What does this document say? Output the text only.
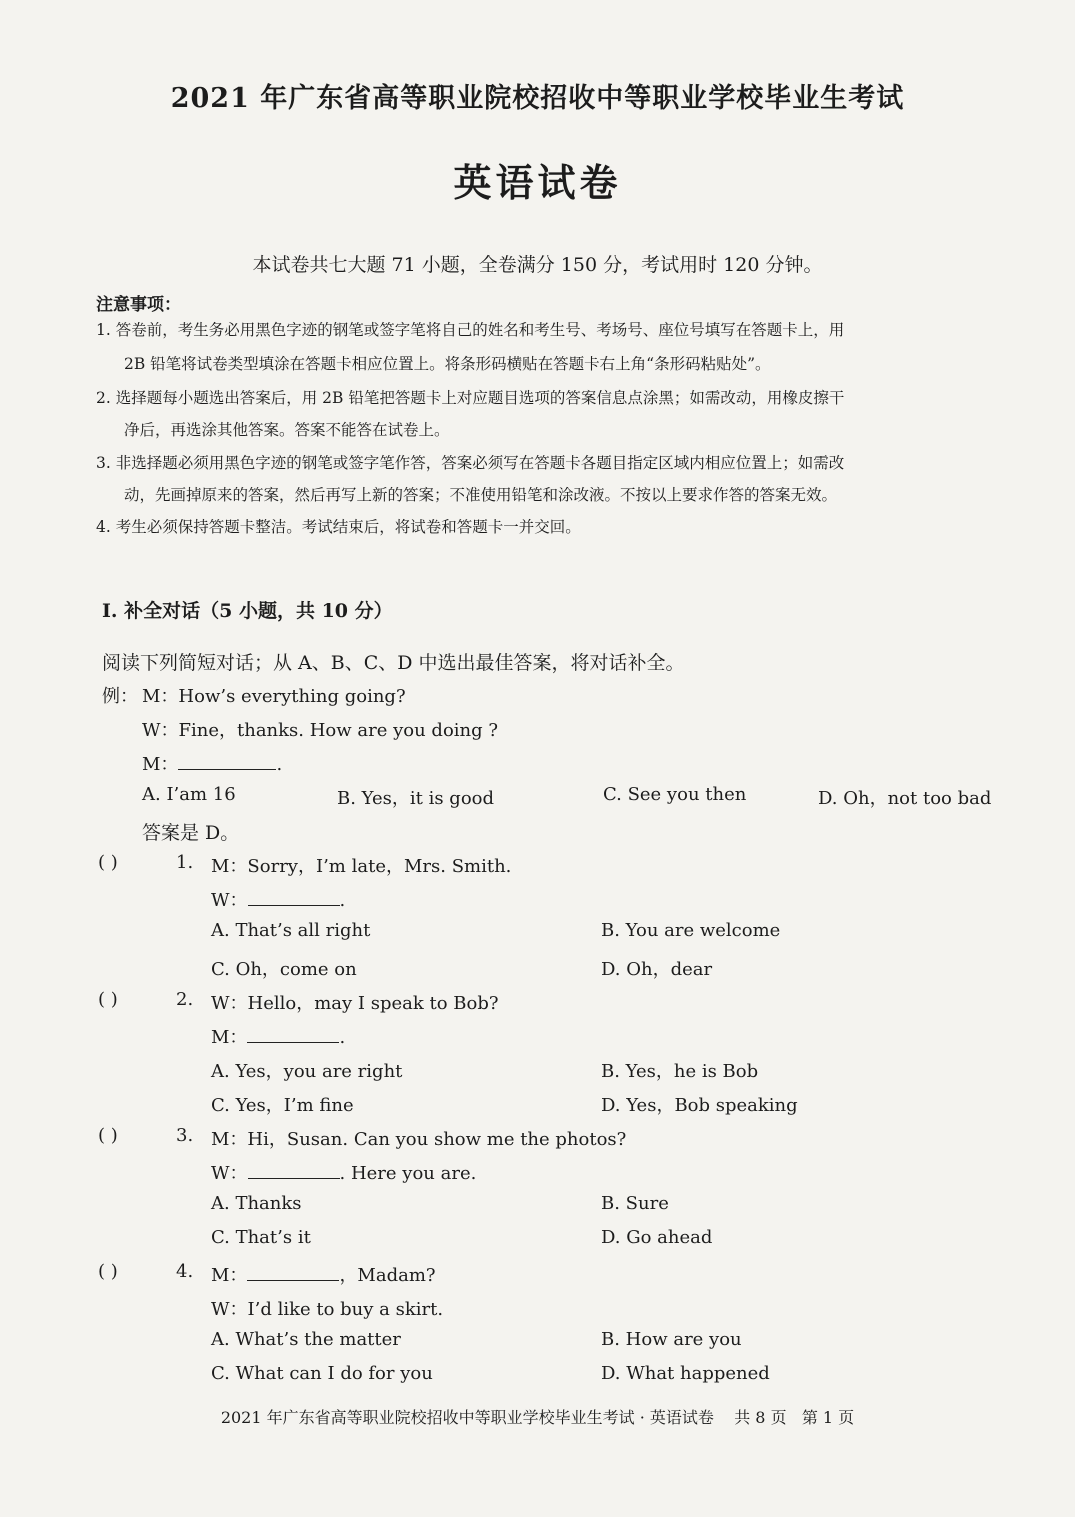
2021 年广东省高等职业院校招收中等职业学校毕业生考试
英语试卷
本试卷共七大题 71 小题，全卷满分 150 分，考试用时 120 分钟。
注意事项：
1. 答卷前，考生务必用黑色字迹的钢笔或签字笔将自己的姓名和考生号、考场号、座位号填写在答题卡上，用
2B 铅笔将试卷类型填涂在答题卡相应位置上。将条形码横贴在答题卡右上角“条形码粘贴处”。
2. 选择题每小题选出答案后，用 2B 铅笔把答题卡上对应题目选项的答案信息点涂黑；如需改动，用橡皮擦干
净后，再选涂其他答案。答案不能答在试卷上。
3. 非选择题必须用黑色字迹的钢笔或签字笔作答，答案必须写在答题卡各题目指定区域内相应位置上；如需改
动，先画掉原来的答案，然后再写上新的答案；不准使用铅笔和涂改液。不按以上要求作答的答案无效。
4. 考生必须保持答题卡整洁。考试结束后，将试卷和答题卡一并交回。
Ⅰ. 补全对话（5 小题，共 10 分）
阅读下列简短对话；从 A、B、C、D 中选出最佳答案，将对话补全。
例： M：How’s everything going?
W：Fine，thanks. How are you doing ?
M：	.
A. I’am 16	B. Yes，it is good	C. See you then	D. Oh，not too bad
答案是 D。
( )	1. M：Sorry，I’m late，Mrs. Smith.
W：	.
A. That’s all right	B. You are welcome
C. Oh，come on	D. Oh，dear
( )	2. W：Hello，may I speak to Bob?
M：	.
A. Yes，you are right	B. Yes，he is Bob
C. Yes，I’m fine	D. Yes，Bob speaking
( )	3. M：Hi，Susan. Can you show me the photos?
W：	. Here you are.
A. Thanks	B. Sure
C. That’s it	D. Go ahead
( )	4. M：	，Madam?
W：I’d like to buy a skirt.
A. What’s the matter	B. How are you
C. What can I do for you	D. What happened
2021 年广东省高等职业院校招收中等职业学校毕业生考试 · 英语试卷    共 8 页   第 1 页
